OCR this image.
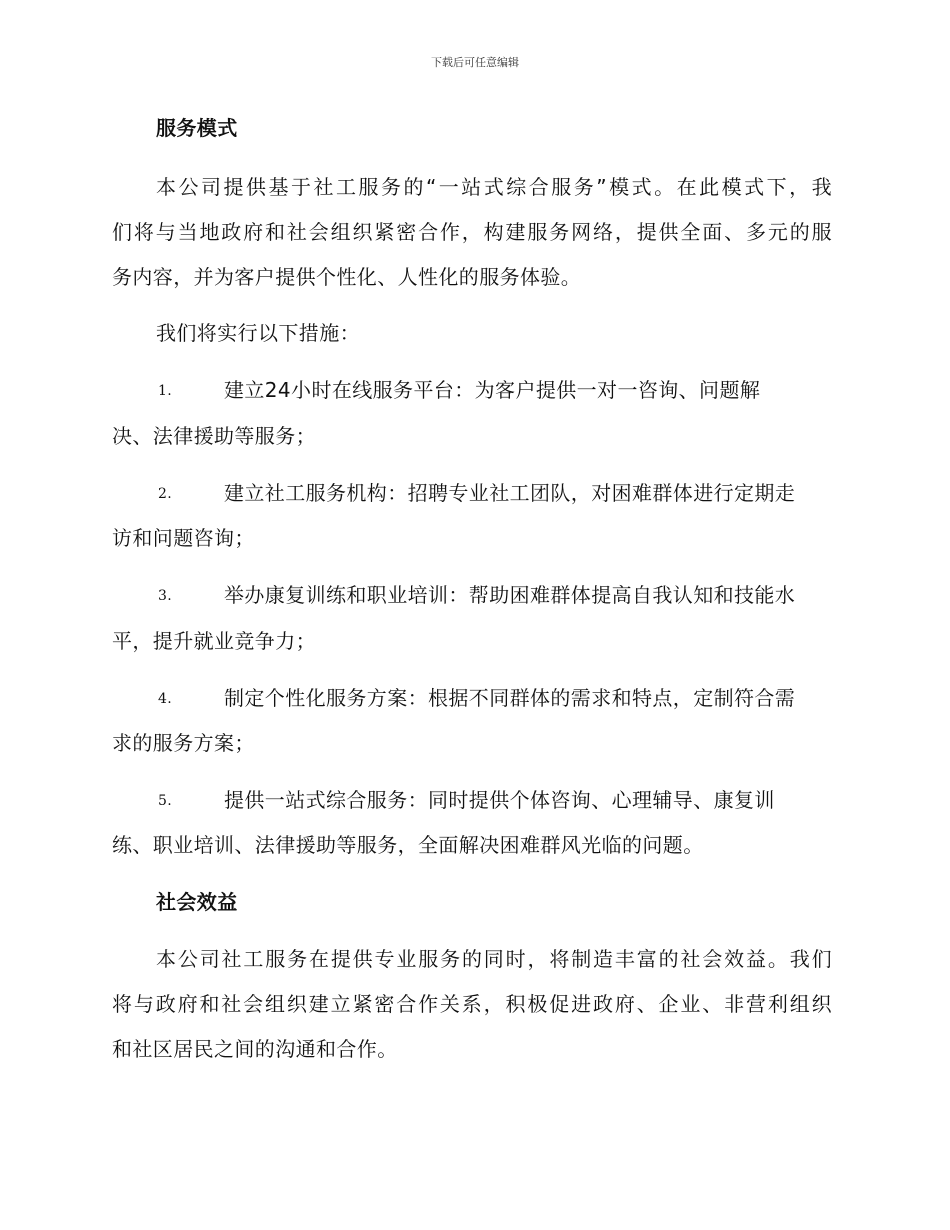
下载后可任意编辑
服务模式
本公司提供基于社工服务的“一站式综合服务”模式。在此模式下，我
们将与当地政府和社会组织紧密合作，构建服务网络，提供全面、多元的服
务内容，并为客户提供个性化、人性化的服务体验。
我们将实行以下措施：
1.	建立24小时在线服务平台：为客户提供一对一咨询、问题解
决、法律援助等服务；
2.	建立社工服务机构：招聘专业社工团队，对困难群体进行定期走
访和问题咨询；
3.	举办康复训练和职业培训：帮助困难群体提高自我认知和技能水
平，提升就业竞争力；
4.	制定个性化服务方案：根据不同群体的需求和特点，定制符合需
求的服务方案；
5.	提供一站式综合服务：同时提供个体咨询、心理辅导、康复训
练、职业培训、法律援助等服务，全面解决困难群风光临的问题。
社会效益
本公司社工服务在提供专业服务的同时，将制造丰富的社会效益。我们
将与政府和社会组织建立紧密合作关系，积极促进政府、企业、非营利组织
和社区居民之间的沟通和合作。
